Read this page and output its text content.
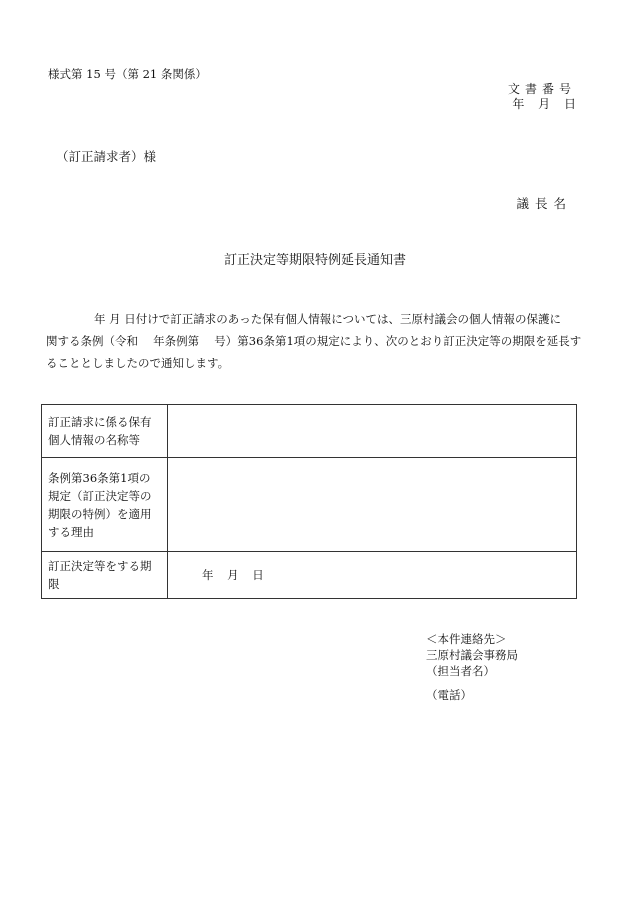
様式第 15 号（第 21 条関係）
文書番号
年 月 日
（訂正請求者）様
議長名
訂正決定等期限特例延長通知書
年 月 日付けで訂正請求のあった保有個人情報については、三原村議会の個人情報の保護に
関する条例（令和　 年条例第　 号）第36条第1項の規定により、次のとおり訂正決定等の期限を延長す
ることとしましたので通知します。
訂正請求に係る保有個人情報の名称等	
条例第36条第1項の規定（訂正決定等の期限の特例）を適用する理由	
訂正決定等をする期限	年 月 日
＜本件連絡先＞
三原村議会事務局
（担当者名）
（電話）
